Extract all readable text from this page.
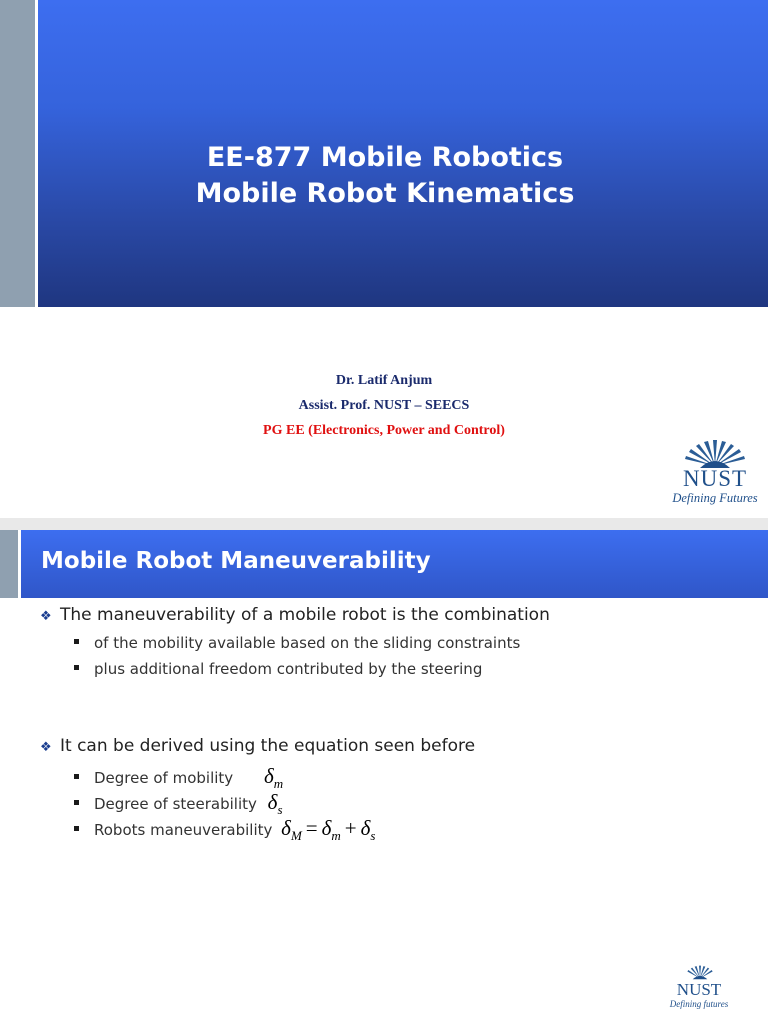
EE-877 Mobile Robotics
Mobile Robot Kinematics
Dr. Latif Anjum
Assist. Prof. NUST – SEECS
PG EE (Electronics, Power and Control)
NUST
Defining Futures
Mobile Robot Maneuverability
❖ The maneuverability of a mobile robot is the combination
of the mobility available based on the sliding constraints
plus additional freedom contributed by the steering
❖ It can be derived using the equation seen before
Degree of mobility $\delta_m$
Degree of steerability $\delta_s$
Robots maneuverability $\delta_M = \delta_m + \delta_s$
NUST
Defining futures
